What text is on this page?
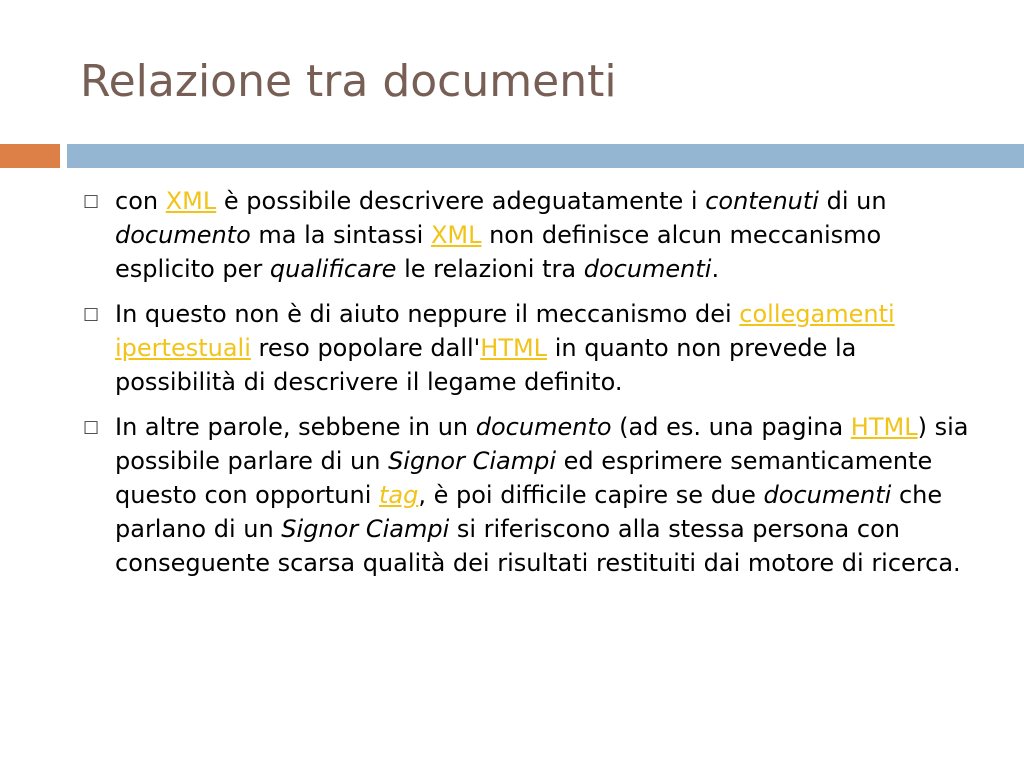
Relazione tra documenti
□ con XML è possibile descrivere adeguatamente i contenuti di un documento ma la sintassi XML non definisce alcun meccanismo esplicito per qualificare le relazioni tra documenti.
□ In questo non è di aiuto neppure il meccanismo dei collegamenti ipertestuali reso popolare dall'HTML in quanto non prevede la possibilità di descrivere il legame definito.
□ In altre parole, sebbene in un documento (ad es. una pagina HTML) sia possibile parlare di un Signor Ciampi ed esprimere semanticamente questo con opportuni tag, è poi difficile capire se due documenti che parlano di un Signor Ciampi si riferiscono alla stessa persona con conseguente scarsa qualità dei risultati restituiti dai motore di ricerca.
